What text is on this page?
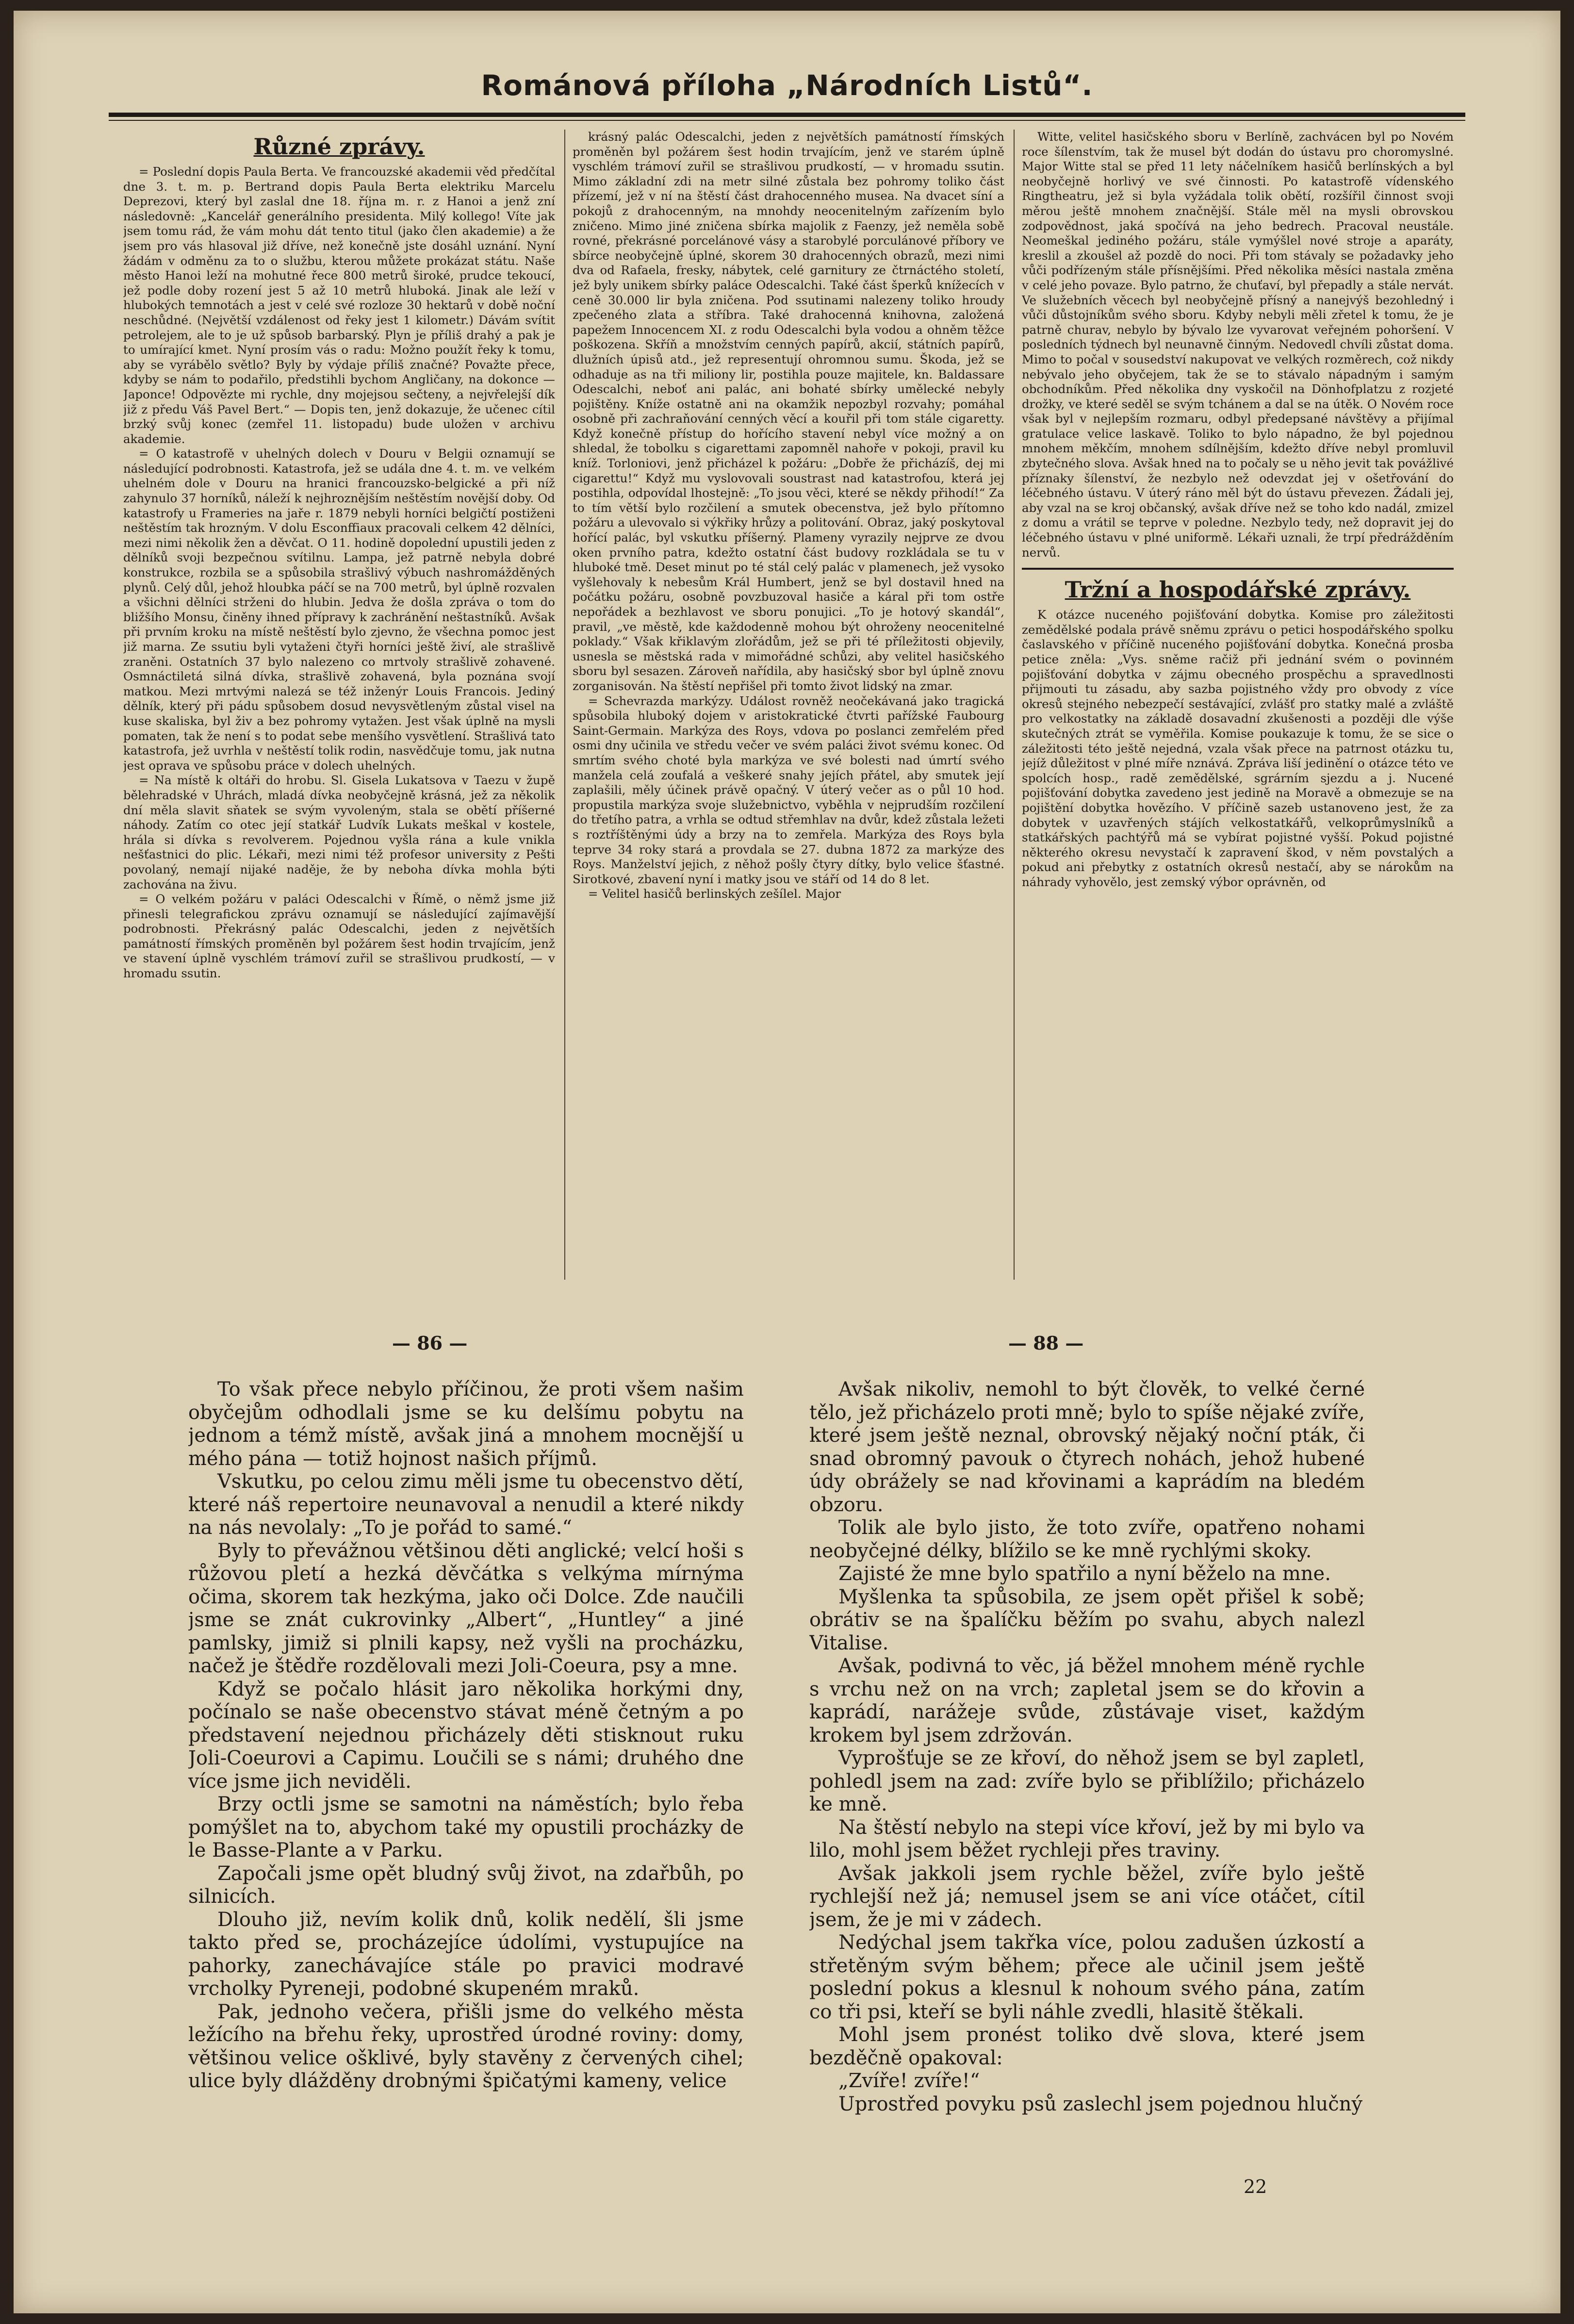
Románová příloha „Národních Listů“.
Různé zprávy.

= Poslední dopis Paula Berta. Ve francouzské akademii věd předčítal dne 3. t. m. p. Bertrand dopis Paula Berta elektriku Marcelu Deprezovi, který byl zaslal dne 18. října m. r. z Hanoi a jenž zní následovně: „Kancelář generálního presidenta. Milý kollego! Víte jak jsem tomu rád, že vám mohu dát tento titul (jako člen akademie) a že jsem pro vás hlasoval již dříve, než konečně jste dosáhl uznání. Nyní žádám v odměnu za to o službu, kterou můžete prokázat státu. Naše město Hanoi leží na mohutné řece 800 metrů široké, prudce tekoucí, jež podle doby rození jest 5 až 10 metrů hluboká. Jinak ale leží v hlubokých temnotách a jest v celé své rozloze 30 hektarů v době noční neschůdné. (Největší vzdálenost od řeky jest 1 kilometr.) Dávám svítit petrolejem, ale to je už spůsob barbarský. Plyn je příliš drahý a pak je to umírající kmet. Nyní prosím vás o radu: Možno použít řeky k tomu, aby se vyrábělo světlo? Byly by výdaje příliš značné? Považte přece, kdyby se nám to podařilo, předstihli bychom Angličany, na dokonce — Japonce! Odpovězte mi rychle, dny mojejsou sečteny, a nejvřelejší dík již z předu Váš Pavel Bert.“ — Dopis ten, jenž dokazuje, že učenec cítil brzký svůj konec (zemřel 11. listopadu) bude uložen v archivu akademie.

= O katastrofě v uhelných dolech v Douru v Belgii oznamují se následující podrobnosti. Katastrofa, jež se udála dne 4. t. m. ve velkém uhelném dole v Douru na hranici francouzsko-belgické a při níž zahynulo 37 horníků, náleží k nejhroznějším neštěstím novější doby. Od katastrofy u Frameries na jaře r. 1879 nebyli horníci belgičtí postiženi neštěstím tak hrozným. V dolu Esconffiaux pracovali celkem 42 dělníci, mezi nimi několik žen a děvčat. O 11. hodině dopolední upustili jeden z dělníků svoji bezpečnou svítilnu. Lampa, jež patrně nebyla dobré konstrukce, rozbila se a spůsobila strašlivý výbuch nashromážděných plynů. Celý důl, jehož hloubka páčí se na 700 metrů, byl úplně rozvalen a všichni dělníci strženi do hlubin. Jedva že došla zpráva o tom do bližšího Monsu, činěny ihned přípravy k zachránění neštastníků. Avšak při prvním kroku na místě neštěstí bylo zjevno, že všechna pomoc jest již marna. Ze ssutiu byli vytaženi čtyři horníci ještě živí, ale strašlivě zraněni. Ostatních 37 bylo nalezeno co mrtvoly strašlivě zohavené. Osmnáctiletá silná dívka, strašlivě zohavená, byla poznána svojí matkou. Mezi mrtvými nalezá se též inženýr Louis Francois. Jediný dělník, který při pádu spůsobem dosud nevysvětleným zůstal visel na kuse skaliska, byl živ a bez pohromy vytažen. Jest však úplně na mysli pomaten, tak že není s to podat sebe menšího vysvětlení. Strašlivá tato katastrofa, jež uvrhla v neštěstí tolik rodin, nasvědčuje tomu, jak nutna jest oprava ve spůsobu práce v dolech uhelných.

= Na místě k oltáři do hrobu. Sl. Gisela Lukatsova v Taezu v župě bělehradské v Uhrách, mladá dívka neobyčejně krásná, jež za několik dní měla slavit sňatek se svým vyvoleným, stala se obětí příšerné náhody. Zatím co otec její statkář Ludvík Lukats meškal v kostele, hrála si dívka s revolverem. Pojednou vyšla rána a kule vnikla nešťastnici do plic. Lékaři, mezi nimi též profesor university z Pešti povolaný, nemají nijaké naděje, že by neboha dívka mohla býti zachována na živu.

= O velkém požáru v paláci Odescalchi v Římě, o němž jsme již přinesli telegrafickou zprávu oznamují se následující zajímavější podrobnosti. Překrásný palác Odescalchi, jeden z největších památností římských proměněn byl požárem šest hodin trvajícím, jenž ve stavení úplně vyschlém trámoví zuřil se strašlivou prudkostí, — v hromadu ssutin.

krásný palác Odescalchi, jeden z největších památností římských proměněn byl požárem šest hodin trvajícím, jenž ve starém úplně vyschlém trámoví zuřil se strašlivou prudkostí, — v hromadu ssutin. Mimo základní zdi na metr silné zůstala bez pohromy toliko část přízemí, jež v ní na štěstí část drahocenného musea. Na dvacet síní a pokojů z drahocenným, na mnohdy neocenitelným zařízením bylo zničeno. Mimo jiné zničena sbírka majolik z Faenzy, jež neměla sobě rovné, překrásné porcelánové vásy a starobylé porculánové příbory ve sbírce neobyčejně úplné, skorem 30 drahocenných obrazů, mezi nimi dva od Rafaela, fresky, nábytek, celé garnitury ze čtrnáctého století, jež byly unikem sbírky paláce Odescalchi. Také část šperků knížecích v ceně 30.000 lir byla zničena. Pod ssutinami nalezeny toliko hroudy zpečeného zlata a stříbra. Také drahocenná knihovna, založená papežem Innocencem XI. z rodu Odescalchi byla vodou a ohněm těžce poškozena. Skříň a množstvím cenných papírů, akcií, státních papírů, dlužních úpisů atd., jež representují ohromnou sumu. Škoda, jež se odhaduje as na tři miliony lir, postihla pouze majitele, kn. Baldassare Odescalchi, neboť ani palác, ani bohaté sbírky umělecké nebyly pojištěny. Kníže ostatně ani na okamžik nepozbyl rozvahy; pomáhal osobně při zachraňování cenných věcí a kouřil při tom stále cigaretty. Když konečně přístup do hořícího stavení nebyl více možný a on shledal, že tobolku s cigarettami zapomněl nahoře v pokoji, pravil ku kníž. Torloniovi, jenž přicházel k požáru: „Dobře že přicházíš, dej mi cigarettu!“ Když mu vyslovovali soustrast nad katastrofou, která jej postihla, odpovídal lhostejně: „To jsou věci, které se někdy přihodí!“ Za to tím větší bylo rozčilení a smutek obecenstva, jež bylo přítomno požáru a ulevovalo si výkřiky hrůzy a politování. Obraz, jaký poskytoval hořící palác, byl vskutku příšerný. Plameny vyrazily nejprve ze dvou oken prvního patra, kdežto ostatní část budovy rozkládala se tu v hluboké tmě. Deset minut po té stál celý palác v plamenech, jež vysoko vyšlehovaly k nebesům Král Humbert, jenž se byl dostavil hned na počátku požáru, osobně povzbuzoval hasiče a káral při tom ostře nepořádek a bezhlavost ve sboru ponujici. „To je hotový skandál“, pravil, „ve městě, kde každodenně mohou být ohroženy neocenitelné poklady.“ Však křiklavým zlořádům, jež se při té příležitosti objevily, usnesla se městská rada v mimořádné schůzi, aby velitel hasičského sboru byl sesazen. Zároveň nařídila, aby hasičský sbor byl úplně znovu zorganisován. Na štěstí nepřišel při tomto život lidský na zmar.

= Schevrazda markýzy. Událost rovněž neočekávaná jako tragická spůsobila hluboký dojem v aristokratické čtvrti pařížské Faubourg Saint-Germain. Markýza des Roys, vdova po poslanci zemřelém před osmi dny učinila ve středu večer ve svém paláci život svému konec. Od smrtím svého choté byla markýza ve své bolesti nad úmrtí svého manžela celá zoufalá a veškeré snahy jejích přátel, aby smutek její zaplašili, měly účinek právě opačný. V úterý večer as o půl 10 hod. propustila markýza svoje služebnictvo, vyběhla v nejprudším rozčilení do třetího patra, a vrhla se odtud střemhlav na dvůr, kdež zůstala ležeti s roztříštěnými údy a brzy na to zemřela. Markýza des Roys byla teprve 34 roky stará a provdala se 27. dubna 1872 za markýze des Roys. Manželství jejich, z něhož pošly čtyry dítky, bylo velice šťastné. Sirotkové, zbavení nyní i matky jsou ve stáří od 14 do 8 let.

= Velitel hasičů berlinských zešílel. Major

Witte, velitel hasičského sboru v Berlíně, zachvácen byl po Novém roce šílenstvím, tak že musel být dodán do ústavu pro choromyslné. Major Witte stal se před 11 lety náčelníkem hasičů berlínských a byl neobyčejně horlivý ve své činnosti. Po katastrofě vídenského Ringtheatru, jež si byla vyžádala tolik obětí, rozšířil činnost svoji měrou ještě mnohem značnější. Stále měl na mysli obrovskou zodpovědnost, jaká spočívá na jeho bedrech. Pracoval neustále. Neomeškal jediného požáru, stále vymýšlel nové stroje a aparáty, kreslil a zkoušel až pozdě do noci. Při tom stávaly se požadavky jeho vůči podřízeným stále přísnějšími. Před několika měsíci nastala změna v celé jeho povaze. Bylo patrno, že chuťaví, byl přepadly a stále nervát. Ve služebních věcech byl neobyčejně přísný a nanejvýš bezohledný i vůči důstojníkům svého sboru. Kdyby nebyli měli zřetel k tomu, že je patrně churav, nebylo by bývalo lze vyvarovat veřejném pohoršení. V posledních týdnech byl neunavně činným. Nedovedl chvíli zůstat doma. Mimo to počal v sousedství nakupovat ve velkých rozměrech, což nikdy nebývalo jeho obyčejem, tak že se to stávalo nápadným i samým obchodníkům. Před několika dny vyskočil na Dönhofplatzu z rozjeté drožky, ve které seděl se svým tchánem a dal se na útěk. O Novém roce však byl v nejlepším rozmaru, odbyl předepsané návštěvy a přijímal gratulace velice laskavě. Toliko to bylo nápadno, že byl pojednou mnohem měkčím, mnohem sdílnějším, kdežto dříve nebyl promluvil zbytečného slova. Avšak hned na to počaly se u něho jevit tak povážlivé příznaky šílenství, že nezbylo než odevzdat jej v ošetřování do léčebného ústavu. V úterý ráno měl být do ústavu převezen. Žádali jej, aby vzal na se kroj občanský, avšak dříve než se toho kdo nadál, zmizel z domu a vrátil se teprve v poledne. Nezbylo tedy, než dopravit jej do léčebného ústavu v plné uniformě. Lékaři uznali, že trpí předrážděním nervů.

Tržní a hospodářské zprávy.

K otázce nuceného pojišťování dobytka. Komise pro záležitosti zemědělské podala právě sněmu zprávu o petici hospodářského spolku časlavského v příčině nuceného pojišťování dobytka. Konečná prosba petice zněla: „Vys. sněme račiž při jednání svém o povinném pojišťování dobytka v zájmu obecného prospěchu a spravedlnosti přijmouti tu zásadu, aby sazba pojistného vždy pro obvody z více okresů stejného nebezpečí sestávající, zvlášť pro statky malé a zvláště pro velkostatky na základě dosavadní zkušenosti a později dle výše skutečných ztrát se vyměřila. Komise poukazuje k tomu, že se sice o záležitosti této ještě nejedná, vzala však přece na patrnost otázku tu, jejíž důležitost v plné míře nznává. Zpráva liší jedinění o otázce této ve spolcích hosp., radě zemědělské, sgrárním sjezdu a j. Nucené pojišťování dobytka zavedeno jest jedině na Moravě a obmezuje se na pojištění dobytka hovězího. V příčině sazeb ustanoveno jest, že za dobytek v uzavřených stájích velkostatkářů, velkoprůmyslníků a statkářských pachtýřů má se vybírat pojistné vyšší. Pokud pojistné některého okresu nevystačí k zapravení škod, v něm povstalých a pokud ani přebytky z ostatních okresů nestačí, aby se nárokům na náhrady vyhovělo, jest zemský výbor oprávněn, od

— 86 —	— 88 —

To však přece nebylo příčinou, že proti všem našim obyčejům odhodlali jsme se ku delšímu pobytu na jednom a témž místě, avšak jiná a mnohem mocnější u mého pána — totiž hojnost našich příjmů.

Vskutku, po celou zimu měli jsme tu obecenstvo dětí, které náš repertoire neunavoval a nenudil a které nikdy na nás nevolaly: „To je pořád to samé.“

Byly to převážnou většinou děti anglické; velcí hoši s růžovou pletí a hezká děvčátka s velkýma mírnýma očima, skorem tak hezkýma, jako oči Dolce. Zde naučili jsme se znát cukrovinky „Albert“, „Huntley“ a jiné pamlsky, jimiž si plnili kapsy, než vyšli na procházku, načež je štědře rozdělovali mezi Joli-Coeura, psy a mne.

Když se počalo hlásit jaro několika horkými dny, počínalo se naše obecenstvo stávat méně četným a po představení nejednou přicházely děti stisknout ruku Joli-Coeurovi a Capimu. Loučili se s námi; druhého dne více jsme jich neviděli.

Brzy octli jsme se samotni na náměstích; bylo řeba pomýšlet na to, abychom také my opustili procházky de le Basse-Plante a v Parku.

Započali jsme opět bludný svůj život, na zdařbůh, po silnicích.

Dlouho již, nevím kolik dnů, kolik nedělí, šli jsme takto před se, procházejíce údolími, vystupujíce na pahorky, zanechávajíce stále po pravici modravé vrcholky Pyreneji, podobné skupeném mraků.

Pak, jednoho večera, přišli jsme do velkého města ležícího na břehu řeky, uprostřed úrodné roviny: domy, většinou velice ošklivé, byly stavěny z červených cihel; ulice byly dlážděny drobnými špičatými kameny, velice

Avšak nikoliv, nemohl to být člověk, to velké černé tělo, jež přicházelo proti mně; bylo to spíše nějaké zvíře, které jsem ještě neznal, obrovský nějaký noční pták, či snad obromný pavouk o čtyrech nohách, jehož hubené údy obrážely se nad křovinami a kaprádím na bledém obzoru.

Tolik ale bylo jisto, že toto zvíře, opatřeno nohami neobyčejné délky, blížilo se ke mně rychlými skoky.

Zajisté že mne bylo spatřilo a nyní běželo na mne.

Myšlenka ta spůsobila, ze jsem opět přišel k sobě; obrátiv se na špalíčku běžím po svahu, abych nalezl Vitalise.

Avšak, podivná to věc, já běžel mnohem méně rychle s vrchu než on na vrch; zapletal jsem se do křovin a kaprádí, narážeje svůde, zůstávaje viset, každým krokem byl jsem zdržován.

Vyprošťuje se ze křoví, do něhož jsem se byl zapletl, pohledl jsem na zad: zvíře bylo se přiblížilo; přicházelo ke mně.

Na štěstí nebylo na stepi více křoví, jež by mi bylo va lilo, mohl jsem běžet rychleji přes traviny.

Avšak jakkoli jsem rychle běžel, zvíře bylo ještě rychlejší než já; nemusel jsem se ani více otáčet, cítil jsem, že je mi v zádech.

Nedýchal jsem takřka více, polou zadušen úzkostí a střetěným svým během; přece ale učinil jsem ještě poslední pokus a klesnul k nohoum svého pána, zatím co tři psi, kteří se byli náhle zvedli, hlasitě štěkali.

Mohl jsem pronést toliko dvě slova, které jsem bezděčně opakoval:

„Zvíře! zvíře!“

Uprostřed povyku psů zaslechl jsem pojednou hlučný

22
